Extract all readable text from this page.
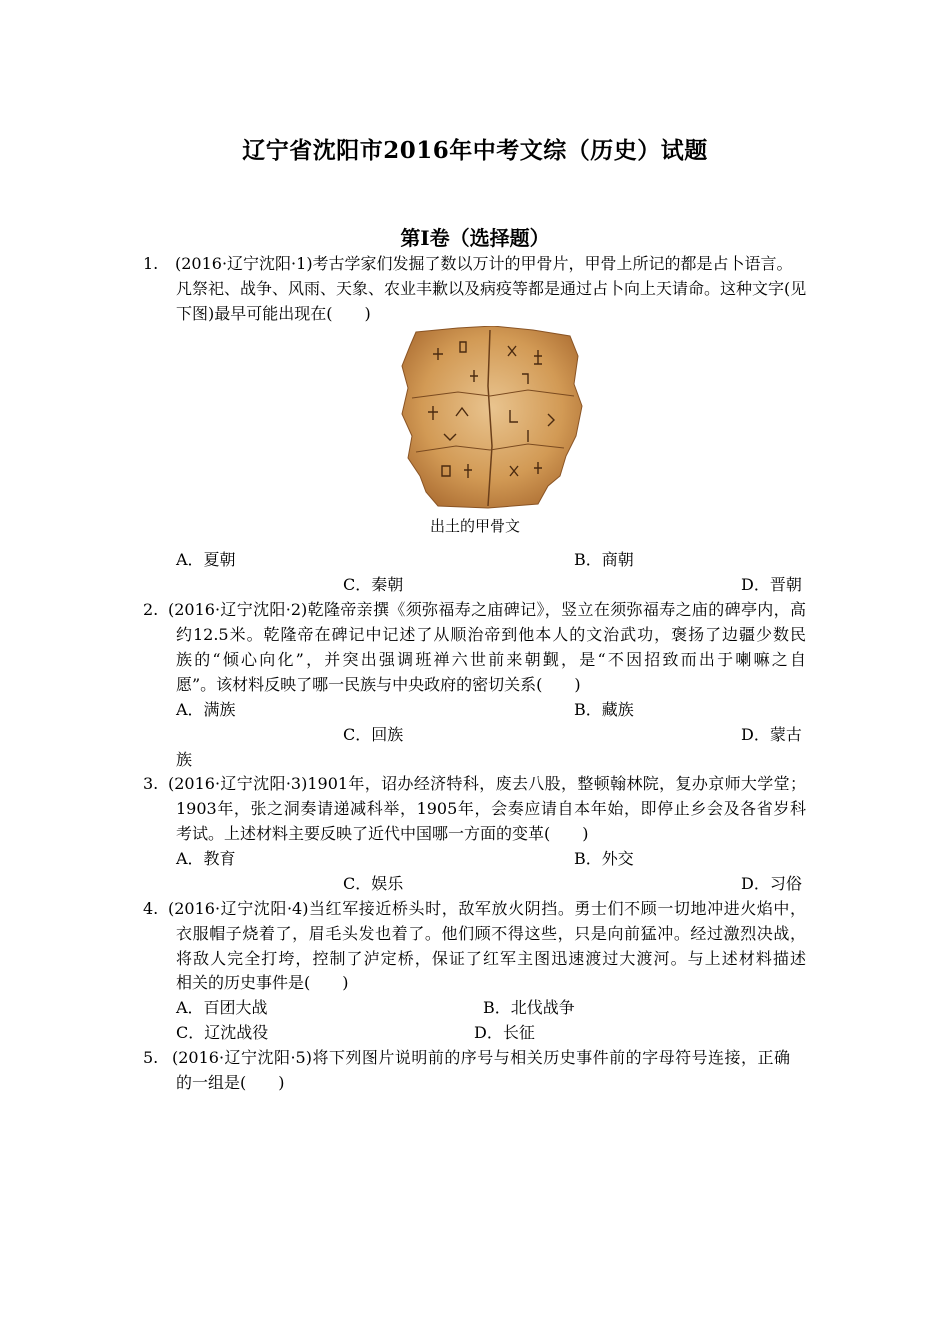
辽宁省沈阳市2016年中考文综（历史）试题
第I卷（选择题）
1. (2016·辽宁沈阳·1)考古学家们发掘了数以万计的甲骨片，甲骨上所记的都是占卜语言。
凡祭祀、战争、风雨、天象、农业丰歉以及病疫等都是通过占卜向上天请命。这种文字(见
下图)最早可能出现在(　　)
出土的甲骨文
A．夏朝	B．商朝
C．秦朝	D．晋朝
2. (2016·辽宁沈阳·2)乾隆帝亲撰《须弥福寿之庙碑记》，竖立在须弥福寿之庙的碑亭内，高
约12.5米。乾隆帝在碑记中记述了从顺治帝到他本人的文治武功，褒扬了边疆少数民
族的“倾心向化”，并突出强调班禅六世前来朝觐，是“不因招致而出于喇嘛之自
愿”。该材料反映了哪一民族与中央政府的密切关系(　　)
A．满族	B．藏族
C．回族	D．蒙古
族
3. (2016·辽宁沈阳·3)1901年，诏办经济特科，废去八股，整顿翰林院，复办京师大学堂；
1903年，张之洞奏请递减科举，1905年，会奏应请自本年始，即停止乡会及各省岁科
考试。上述材料主要反映了近代中国哪一方面的变革(　　)
A．教育	B．外交
C．娱乐	D．习俗
4. (2016·辽宁沈阳·4)当红军接近桥头时，敌军放火阴挡。勇士们不顾一切地冲进火焰中，
衣服帽子烧着了，眉毛头发也着了。他们顾不得这些，只是向前猛冲。经过激烈决战，
将敌人完全打垮，控制了泸定桥，保证了红军主图迅速渡过大渡河。与上述材料描述
相关的历史事件是(　　)
A．百团大战	B．北伐战争
C．辽沈战役	D．长征
5. (2016·辽宁沈阳·5)将下列图片说明前的序号与相关历史事件前的字母符号连接，正确
的一组是(　　)
